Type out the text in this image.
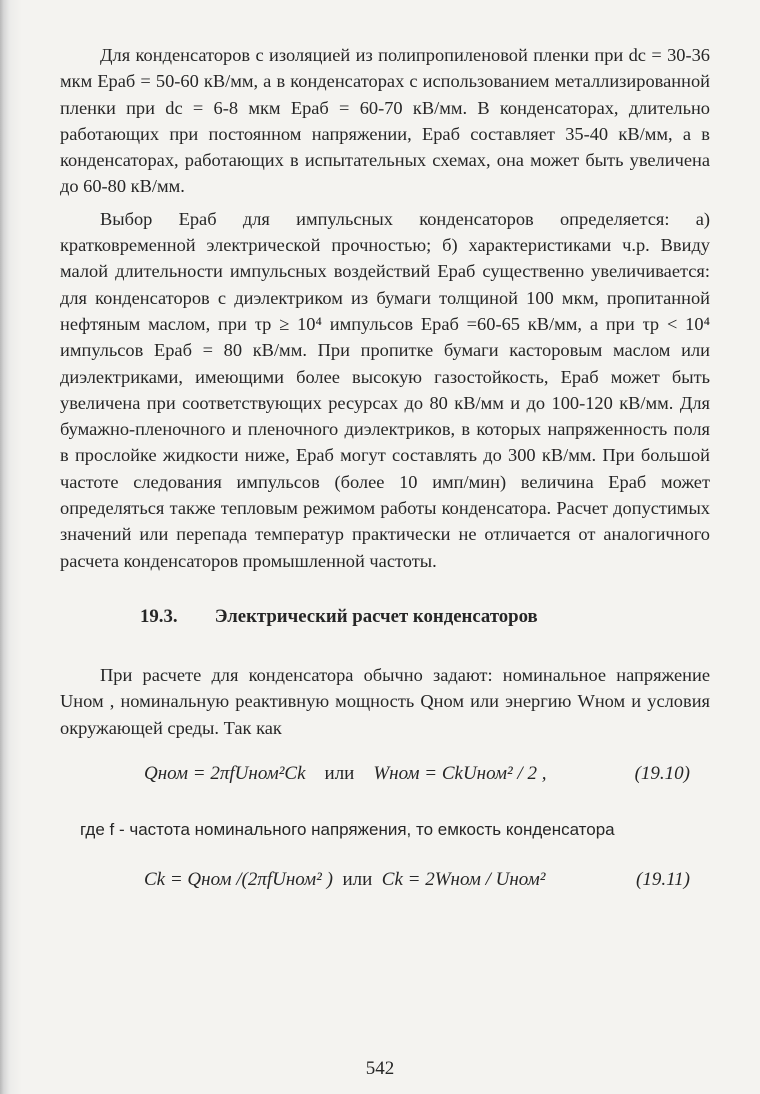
Для конденсаторов с изоляцией из полипропиленовой пленки при dc = 30-36 мкм Eраб = 50-60 кВ/мм, а в конденсаторах с использованием металлизированной пленки при dc = 6-8 мкм Eраб = 60-70 кВ/мм. В конденсаторах, длительно работающих при постоянном напряжении, Eраб составляет 35-40 кВ/мм, а в конденсаторах, работающих в испытательных схемах, она может быть увеличена до 60-80 кВ/мм.

Выбор Eраб для импульсных конденсаторов определяется: а) кратковременной электрической прочностью; б) характеристиками ч.р. Ввиду малой длительности импульсных воздействий Eраб существенно увеличивается: для конденсаторов с диэлектриком из бумаги толщиной 100 мкм, пропитанной нефтяным маслом, при τр ≥ 10⁴ импульсов Eраб =60-65 кВ/мм, а при τр < 10⁴ импульсов Eраб = 80 кВ/мм. При пропитке бумаги касторовым маслом или диэлектриками, имеющими более высокую газостойкость, Eраб может быть увеличена при соответствующих ресурсах до 80 кВ/мм и до 100-120 кВ/мм. Для бумажно-пленочного и пленочного диэлектриков, в которых напряженность поля в прослойке жидкости ниже, Eраб могут составлять до 300 кВ/мм. При большой частоте следования импульсов (более 10 имп/мин) величина Eраб может определяться также тепловым режимом работы конденсатора. Расчет допустимых значений или перепада температур практически не отличается от аналогичного расчета конденсаторов промышленной частоты.

19.3. Электрический расчет конденсаторов

При расчете для конденсатора обычно задают: номинальное напряжение Uном , номинальную реактивную мощность Qном или энергию Wном и условия окружающей среды. Так как

Qном = 2πfUном²Ck или Wном = CkUном² / 2 ,	(19.10)

где f - частота номинального напряжения, то емкость конденсатора

Ck = Qном /(2πfUном² ) или Ck = 2Wном / Uном²	(19.11)
542
